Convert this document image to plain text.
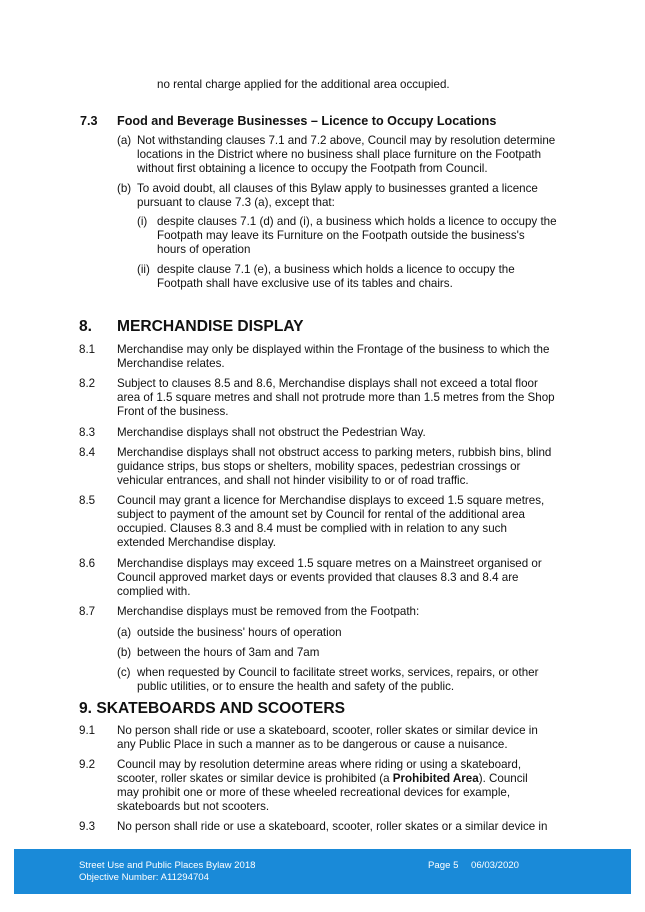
no rental charge applied for the additional area occupied.
7.3 Food and Beverage Businesses – Licence to Occupy Locations
(a) Not withstanding clauses 7.1 and 7.2 above, Council may by resolution determine
locations in the District where no business shall place furniture on the Footpath
without first obtaining a licence to occupy the Footpath from Council.
(b) To avoid doubt, all clauses of this Bylaw apply to businesses granted a licence
pursuant to clause 7.3 (a), except that:
(i) despite clauses 7.1 (d) and (i), a business which holds a licence to occupy the
Footpath may leave its Furniture on the Footpath outside the business's
hours of operation
(ii) despite clause 7.1 (e), a business which holds a licence to occupy the
Footpath shall have exclusive use of its tables and chairs.
8. MERCHANDISE DISPLAY
8.1 Merchandise may only be displayed within the Frontage of the business to which the
Merchandise relates.
8.2 Subject to clauses 8.5 and 8.6, Merchandise displays shall not exceed a total floor
area of 1.5 square metres and shall not protrude more than 1.5 metres from the Shop
Front of the business.
8.3 Merchandise displays shall not obstruct the Pedestrian Way.
8.4 Merchandise displays shall not obstruct access to parking meters, rubbish bins, blind
guidance strips, bus stops or shelters, mobility spaces, pedestrian crossings or
vehicular entrances, and shall not hinder visibility to or of road traffic.
8.5 Council may grant a licence for Merchandise displays to exceed 1.5 square metres,
subject to payment of the amount set by Council for rental of the additional area
occupied. Clauses 8.3 and 8.4 must be complied with in relation to any such
extended Merchandise display.
8.6 Merchandise displays may exceed 1.5 square metres on a Mainstreet organised or
Council approved market days or events provided that clauses 8.3 and 8.4 are
complied with.
8.7 Merchandise displays must be removed from the Footpath:
(a) outside the business' hours of operation
(b) between the hours of 3am and 7am
(c) when requested by Council to facilitate street works, services, repairs, or other
public utilities, or to ensure the health and safety of the public.
9. SKATEBOARDS AND SCOOTERS
9.1 No person shall ride or use a skateboard, scooter, roller skates or similar device in
any Public Place in such a manner as to be dangerous or cause a nuisance.
9.2 Council may by resolution determine areas where riding or using a skateboard,
scooter, roller skates or similar device is prohibited (a Prohibited Area). Council
may prohibit one or more of these wheeled recreational devices for example,
skateboards but not scooters.
9.3 No person shall ride or use a skateboard, scooter, roller skates or a similar device in
Street Use and Public Places Bylaw 2018
Objective Number: A11294704
Page 5 06/03/2020
